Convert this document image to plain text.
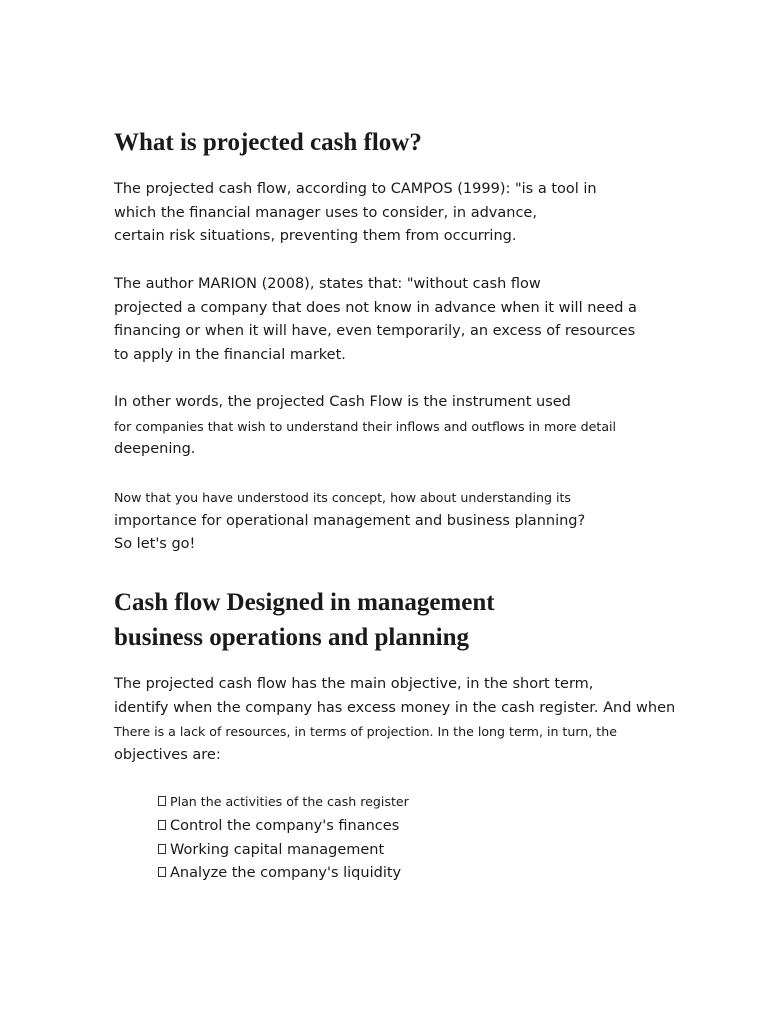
What is projected cash flow?

The projected cash flow, according to CAMPOS (1999): "is a tool in
which the financial manager uses to consider, in advance,
certain risk situations, preventing them from occurring.

The author MARION (2008), states that: "without cash flow
projected a company that does not know in advance when it will need a
financing or when it will have, even temporarily, an excess of resources
to apply in the financial market.

In other words, the projected Cash Flow is the instrument used
for companies that wish to understand their inflows and outflows in more detail
deepening.

Now that you have understood its concept, how about understanding its
importance for operational management and business planning?
So let's go!

Cash flow Designed in management
business operations and planning

The projected cash flow has the main objective, in the short term,
identify when the company has excess money in the cash register. And when
There is a lack of resources, in terms of projection. In the long term, in turn, the
objectives are:

Plan the activities of the cash register
Control the company's finances
Working capital management
Analyze the company's liquidity
